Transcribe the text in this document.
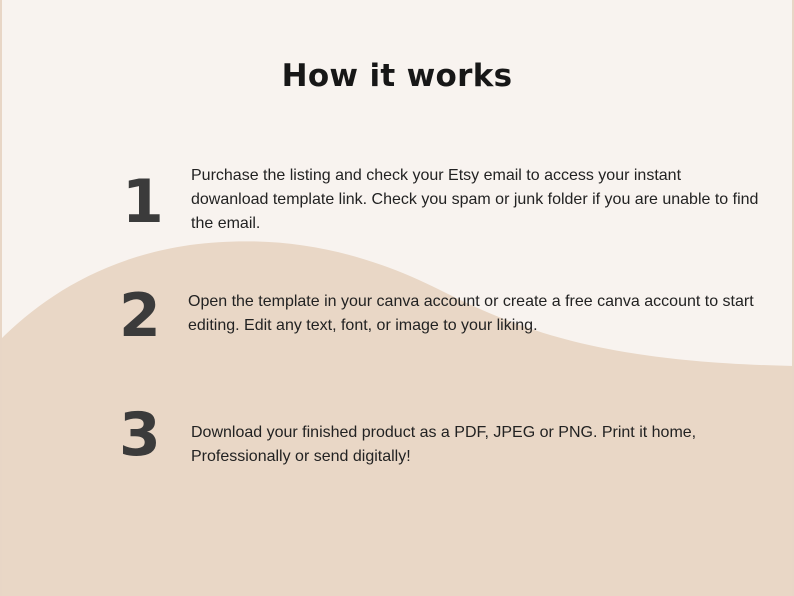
How it works
1 Purchase the listing and check your Etsy email to access your instant dowanload template link. Check you spam or junk folder if you are unable to find the email.
2 Open the template in your canva account or create a free canva account to start editing. Edit any text, font, or image to your liking.
3 Download your finished product as a PDF, JPEG or PNG. Print it home, Professionally or send digitally!
